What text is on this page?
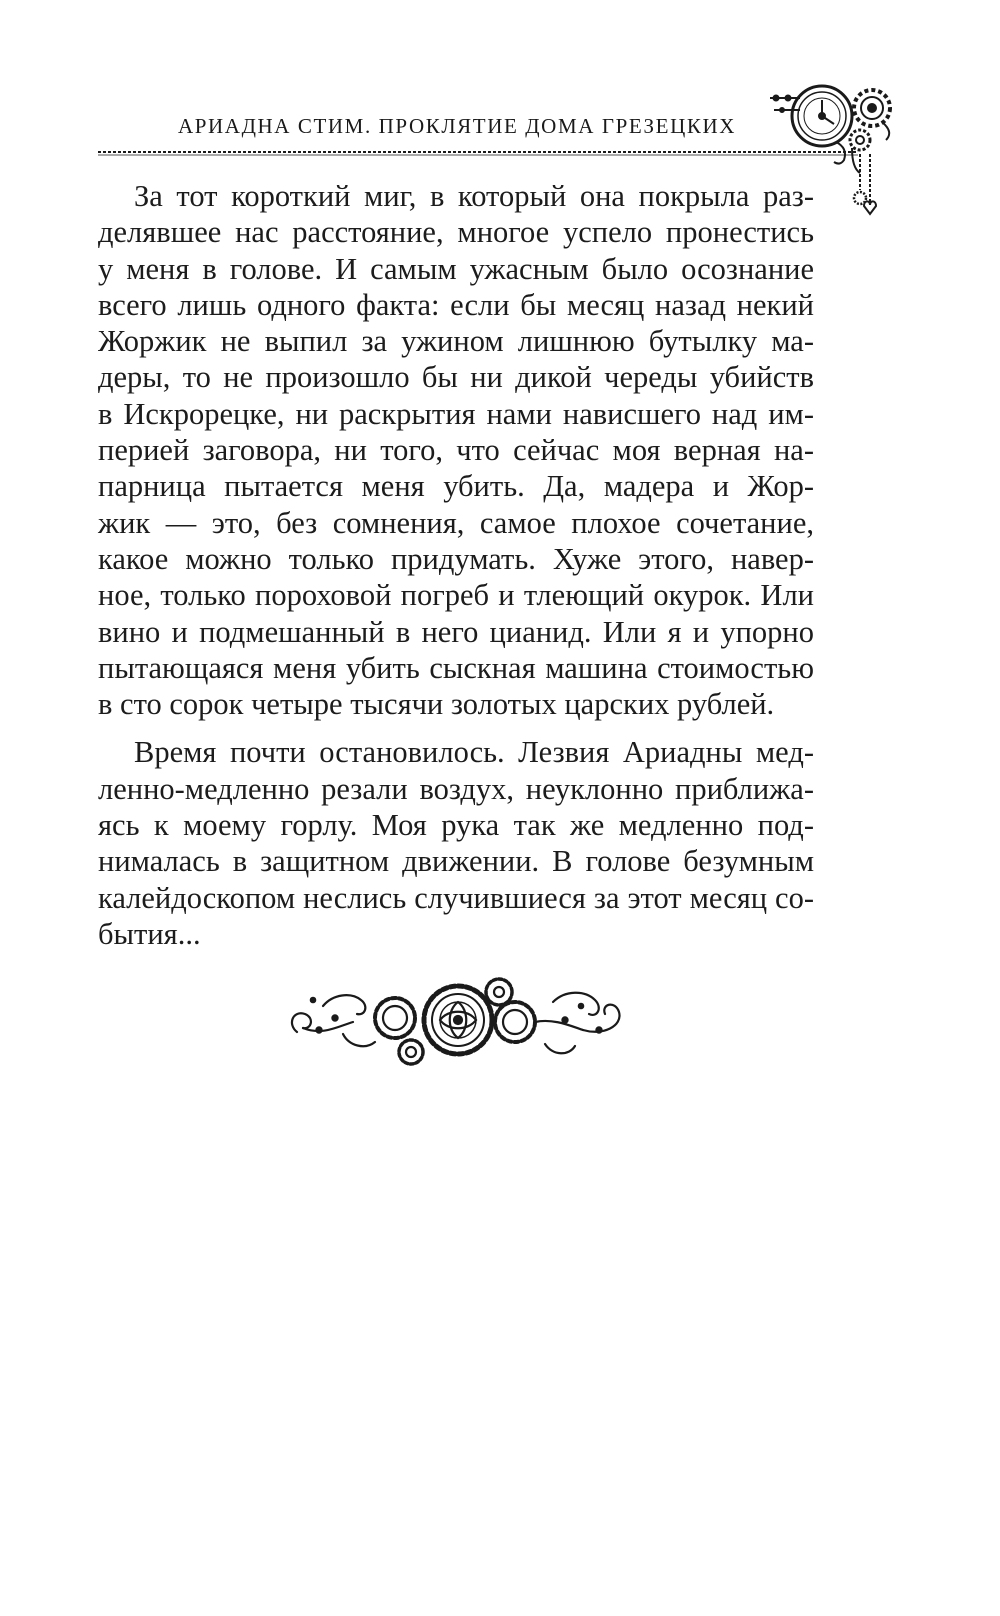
АРИАДНА СТИМ. ПРОКЛЯТИЕ ДОМА ГРЕЗЕЦКИХ

За тот короткий миг, в который она покрыла раз-
делявшее нас расстояние, многое успело пронестись
у меня в голове. И самым ужасным было осознание
всего лишь одного факта: если бы месяц назад некий
Жоржик не выпил за ужином лишнюю бутылку ма-
деры, то не произошло бы ни дикой череды убийств
в Искрорецке, ни раскрытия нами нависшего над им-
перией заговора, ни того, что сейчас моя верная на-
парница пытается меня убить. Да, мадера и Жор-
жик — это, без сомнения, самое плохое сочетание,
какое можно только придумать. Хуже этого, навер-
ное, только пороховой погреб и тлеющий окурок. Или
вино и подмешанный в него цианид. Или я и упорно
пытающаяся меня убить сыскная машина стоимостью
в сто сорок четыре тысячи золотых царских рублей.

Время почти остановилось. Лезвия Ариадны мед-
ленно-медленно резали воздух, неуклонно приближа-
ясь к моему горлу. Моя рука так же медленно под-
нималась в защитном движении. В голове безумным
калейдоскопом неслись случившиеся за этот месяц со-
бытия...
